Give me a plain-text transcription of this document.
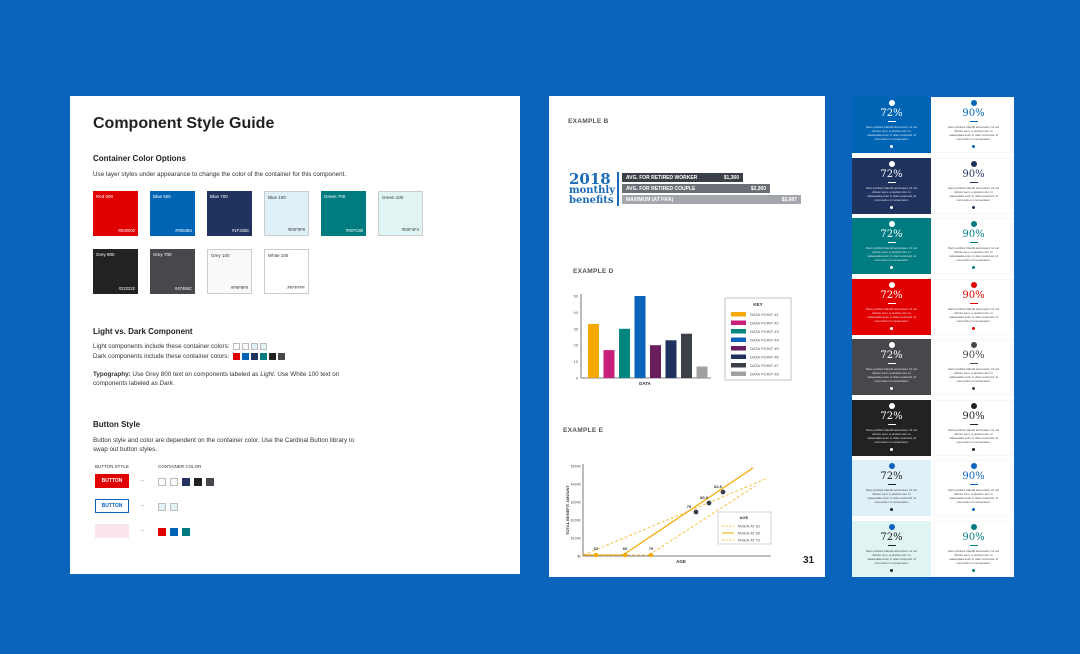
Component Style Guide
Container Color Options
Use layer styles under appearance to change the color of the container for this component.
Red 500
#E00000
Blue 500
#0064B4
Blue 700
#1F335E
Blue 100
#E0F0F8
Green 700
#007C80
Green 100
#E0F4F4
Grey 800
#222222
Grey 700
#47484C
Grey 100
#F9F9F9
White 100
#FFFFFF
Light vs. Dark Component
Light components include these container colors:
Dark components include these container colors:
Typography: Use Grey 800 text on components labeled as Light. Use White 100 text on
components labeled as Dark.
Button Style
Button style and color are dependent on the container color. Use the Cardinal Button library to
swap out button styles.
BUTTON STYLE	CONTAINER COLOR
BUTTON	→
BUTTON	→
BUTTON	→
EXAMPLE B
2018
monthly
benefits
AVG. FOR RETIRED WORKER	$1,360
AVG. FOR RETIRED COUPLE	$2,360
MAXIMUM (AT FRA)	$2,687
EXAMPLE D
0
10
20
30
40
50
DATA
KEY
DATA POINT #1
DATA POINT #2
DATA POINT #3
DATA POINT #4
DATA POINT #5
DATA POINT #6
DATA POINT #7
DATA POINT #8
EXAMPLE E
$0
$100K
$200K
$300K
$400K
$500K
TOTAL BENEFIT AMOUNT
AGE
62	66	70
79
80.5
82.5
AGE
TAKEN AT 62
TAKEN AT 66
TAKEN AT 70
31
72%
Nam porttitor blandit accumsan. Ut vel dictum sem, a pretium dui. In malesuada enim in dolor euismod, id commodo mi consectetur.
90%
Nam porttitor blandit accumsan. Ut vel dictum sem, a pretium dui. In malesuada enim in dolor euismod, id commodo mi consectetur.
72%
Nam porttitor blandit accumsan. Ut vel dictum sem, a pretium dui. In malesuada enim in dolor euismod, id commodo mi consectetur.
90%
Nam porttitor blandit accumsan. Ut vel dictum sem, a pretium dui. In malesuada enim in dolor euismod, id commodo mi consectetur.
72%
Nam porttitor blandit accumsan. Ut vel dictum sem, a pretium dui. In malesuada enim in dolor euismod, id commodo mi consectetur.
90%
Nam porttitor blandit accumsan. Ut vel dictum sem, a pretium dui. In malesuada enim in dolor euismod, id commodo mi consectetur.
72%
Nam porttitor blandit accumsan. Ut vel dictum sem, a pretium dui. In malesuada enim in dolor euismod, id commodo mi consectetur.
90%
Nam porttitor blandit accumsan. Ut vel dictum sem, a pretium dui. In malesuada enim in dolor euismod, id commodo mi consectetur.
72%
Nam porttitor blandit accumsan. Ut vel dictum sem, a pretium dui. In malesuada enim in dolor euismod, id commodo mi consectetur.
90%
Nam porttitor blandit accumsan. Ut vel dictum sem, a pretium dui. In malesuada enim in dolor euismod, id commodo mi consectetur.
72%
Nam porttitor blandit accumsan. Ut vel dictum sem, a pretium dui. In malesuada enim in dolor euismod, id commodo mi consectetur.
90%
Nam porttitor blandit accumsan. Ut vel dictum sem, a pretium dui. In malesuada enim in dolor euismod, id commodo mi consectetur.
72%
Nam porttitor blandit accumsan. Ut vel dictum sem, a pretium dui. In malesuada enim in dolor euismod, id commodo mi consectetur.
90%
Nam porttitor blandit accumsan. Ut vel dictum sem, a pretium dui. In malesuada enim in dolor euismod, id commodo mi consectetur.
72%
Nam porttitor blandit accumsan. Ut vel dictum sem, a pretium dui. In malesuada enim in dolor euismod, id commodo mi consectetur.
90%
Nam porttitor blandit accumsan. Ut vel dictum sem, a pretium dui. In malesuada enim in dolor euismod, id commodo mi consectetur.
